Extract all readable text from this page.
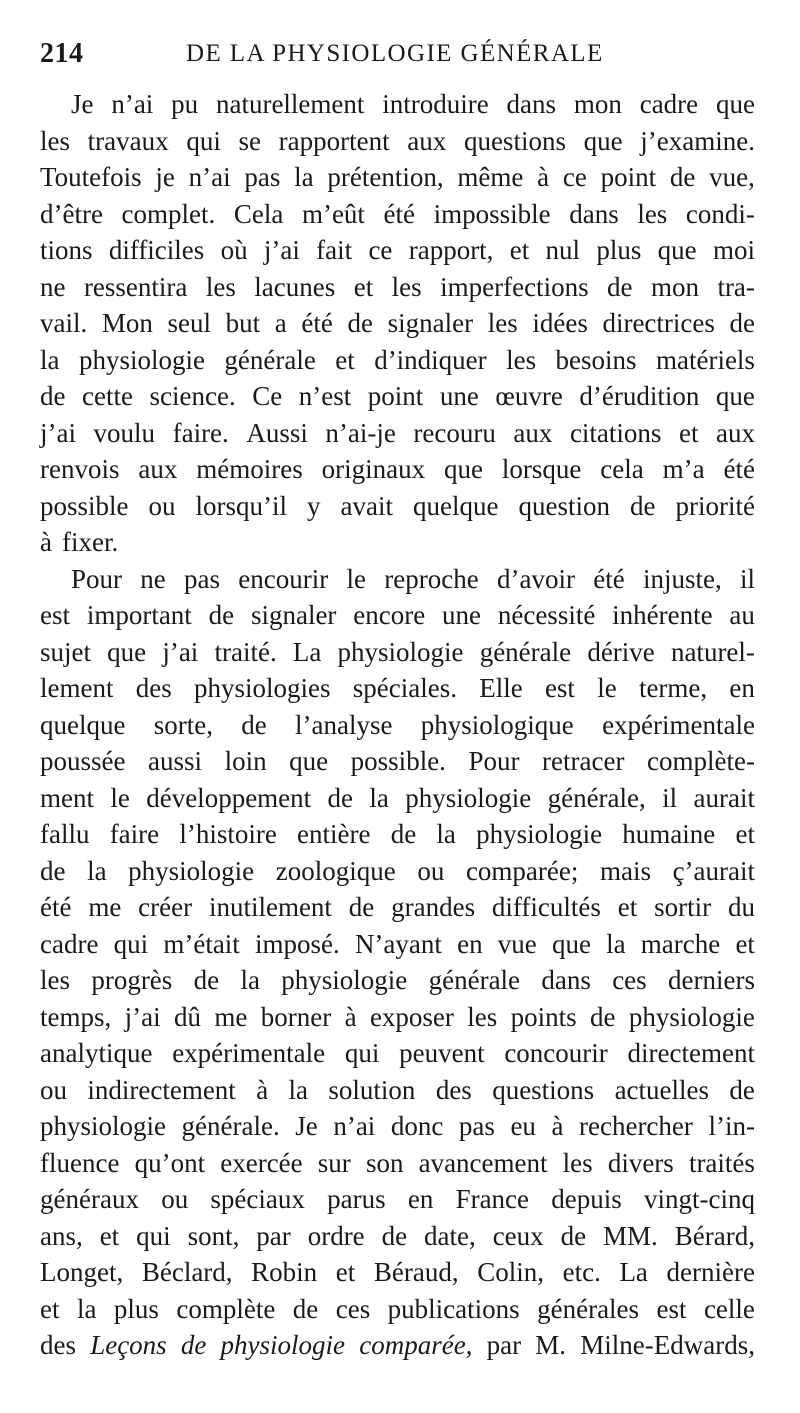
214	DE LA PHYSIOLOGIE GÉNÉRALE
Je n’ai pu naturellement introduire dans mon cadre que
les travaux qui se rapportent aux questions que j’examine.
Toutefois je n’ai pas la prétention, même à ce point de vue,
d’être complet. Cela m’eût été impossible dans les condi-
tions difficiles où j’ai fait ce rapport, et nul plus que moi
ne ressentira les lacunes et les imperfections de mon tra-
vail. Mon seul but a été de signaler les idées directrices de
la physiologie générale et d’indiquer les besoins matériels
de cette science. Ce n’est point une œuvre d’érudition que
j’ai voulu faire. Aussi n’ai-je recouru aux citations et aux
renvois aux mémoires originaux que lorsque cela m’a été
possible ou lorsqu’il y avait quelque question de priorité
à fixer.
Pour ne pas encourir le reproche d’avoir été injuste, il
est important de signaler encore une nécessité inhérente au
sujet que j’ai traité. La physiologie générale dérive naturel-
lement des physiologies spéciales. Elle est le terme, en
quelque sorte, de l’analyse physiologique expérimentale
poussée aussi loin que possible. Pour retracer complète-
ment le développement de la physiologie générale, il aurait
fallu faire l’histoire entière de la physiologie humaine et
de la physiologie zoologique ou comparée; mais ç’aurait
été me créer inutilement de grandes difficultés et sortir du
cadre qui m’était imposé. N’ayant en vue que la marche et
les progrès de la physiologie générale dans ces derniers
temps, j’ai dû me borner à exposer les points de physiologie
analytique expérimentale qui peuvent concourir directement
ou indirectement à la solution des questions actuelles de
physiologie générale. Je n’ai donc pas eu à rechercher l’in-
fluence qu’ont exercée sur son avancement les divers traités
généraux ou spéciaux parus en France depuis vingt-cinq
ans, et qui sont, par ordre de date, ceux de MM. Bérard,
Longet, Béclard, Robin et Béraud, Colin, etc. La dernière
et la plus complète de ces publications générales est celle
des Leçons de physiologie comparée, par M. Milne-Edwards,
